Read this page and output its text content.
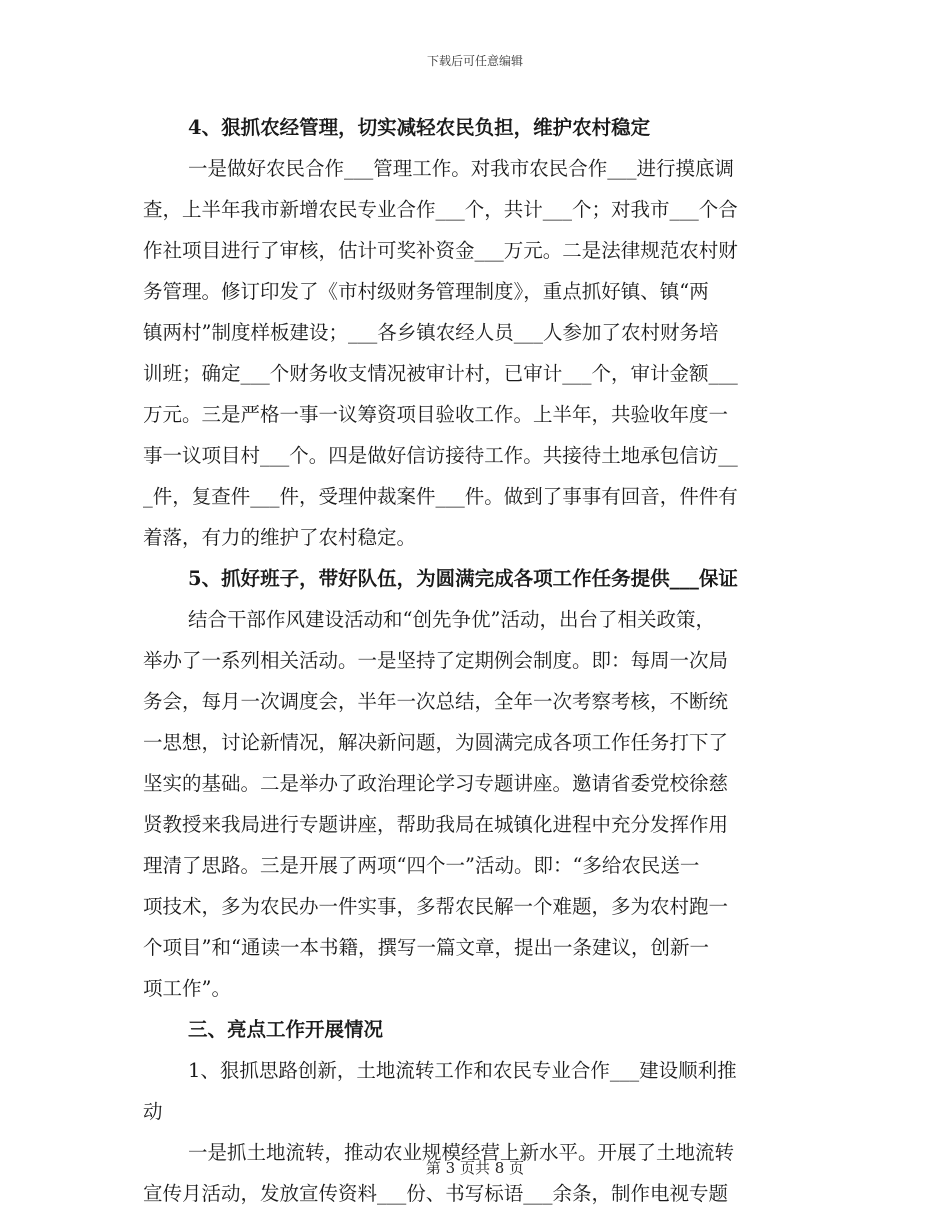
下载后可任意编辑
4、狠抓农经管理，切实减轻农民负担，维护农村稳定
一是做好农民合作___管理工作。对我市农民合作___进行摸底调
查，上半年我市新增农民专业合作___个，共计___个；对我市___个合
作社项目进行了审核，估计可奖补资金___万元。二是法律规范农村财
务管理。修订印发了《市村级财务管理制度》，重点抓好镇、镇“两
镇两村”制度样板建设；___各乡镇农经人员___人参加了农村财务培
训班；确定___个财务收支情况被审计村，已审计___个，审计金额___
万元。三是严格一事一议筹资项目验收工作。上半年，共验收年度一
事一议项目村___个。四是做好信访接待工作。共接待土地承包信访__
_件，复查件___件，受理仲裁案件___件。做到了事事有回音，件件有
着落，有力的维护了农村稳定。
5、抓好班子，带好队伍，为圆满完成各项工作任务提供___保证
结合干部作风建设活动和“创先争优”活动，出台了相关政策，
举办了一系列相关活动。一是坚持了定期例会制度。即：每周一次局
务会，每月一次调度会，半年一次总结，全年一次考察考核，不断统
一思想，讨论新情况，解决新问题，为圆满完成各项工作任务打下了
坚实的基础。二是举办了政治理论学习专题讲座。邀请省委党校徐慈
贤教授来我局进行专题讲座，帮助我局在城镇化进程中充分发挥作用
理清了思路。三是开展了两项“四个一”活动。即：“多给农民送一
项技术，多为农民办一件实事，多帮农民解一个难题，多为农村跑一
个项目”和“通读一本书籍，撰写一篇文章，提出一条建议，创新一
项工作”。
三、亮点工作开展情况
1、狠抓思路创新，土地流转工作和农民专业合作___建设顺利推
动
一是抓土地流转，推动农业规模经营上新水平。开展了土地流转
宣传月活动，发放宣传资料___份、书写标语___余条，制作电视专题
第 3 页共 8 页
